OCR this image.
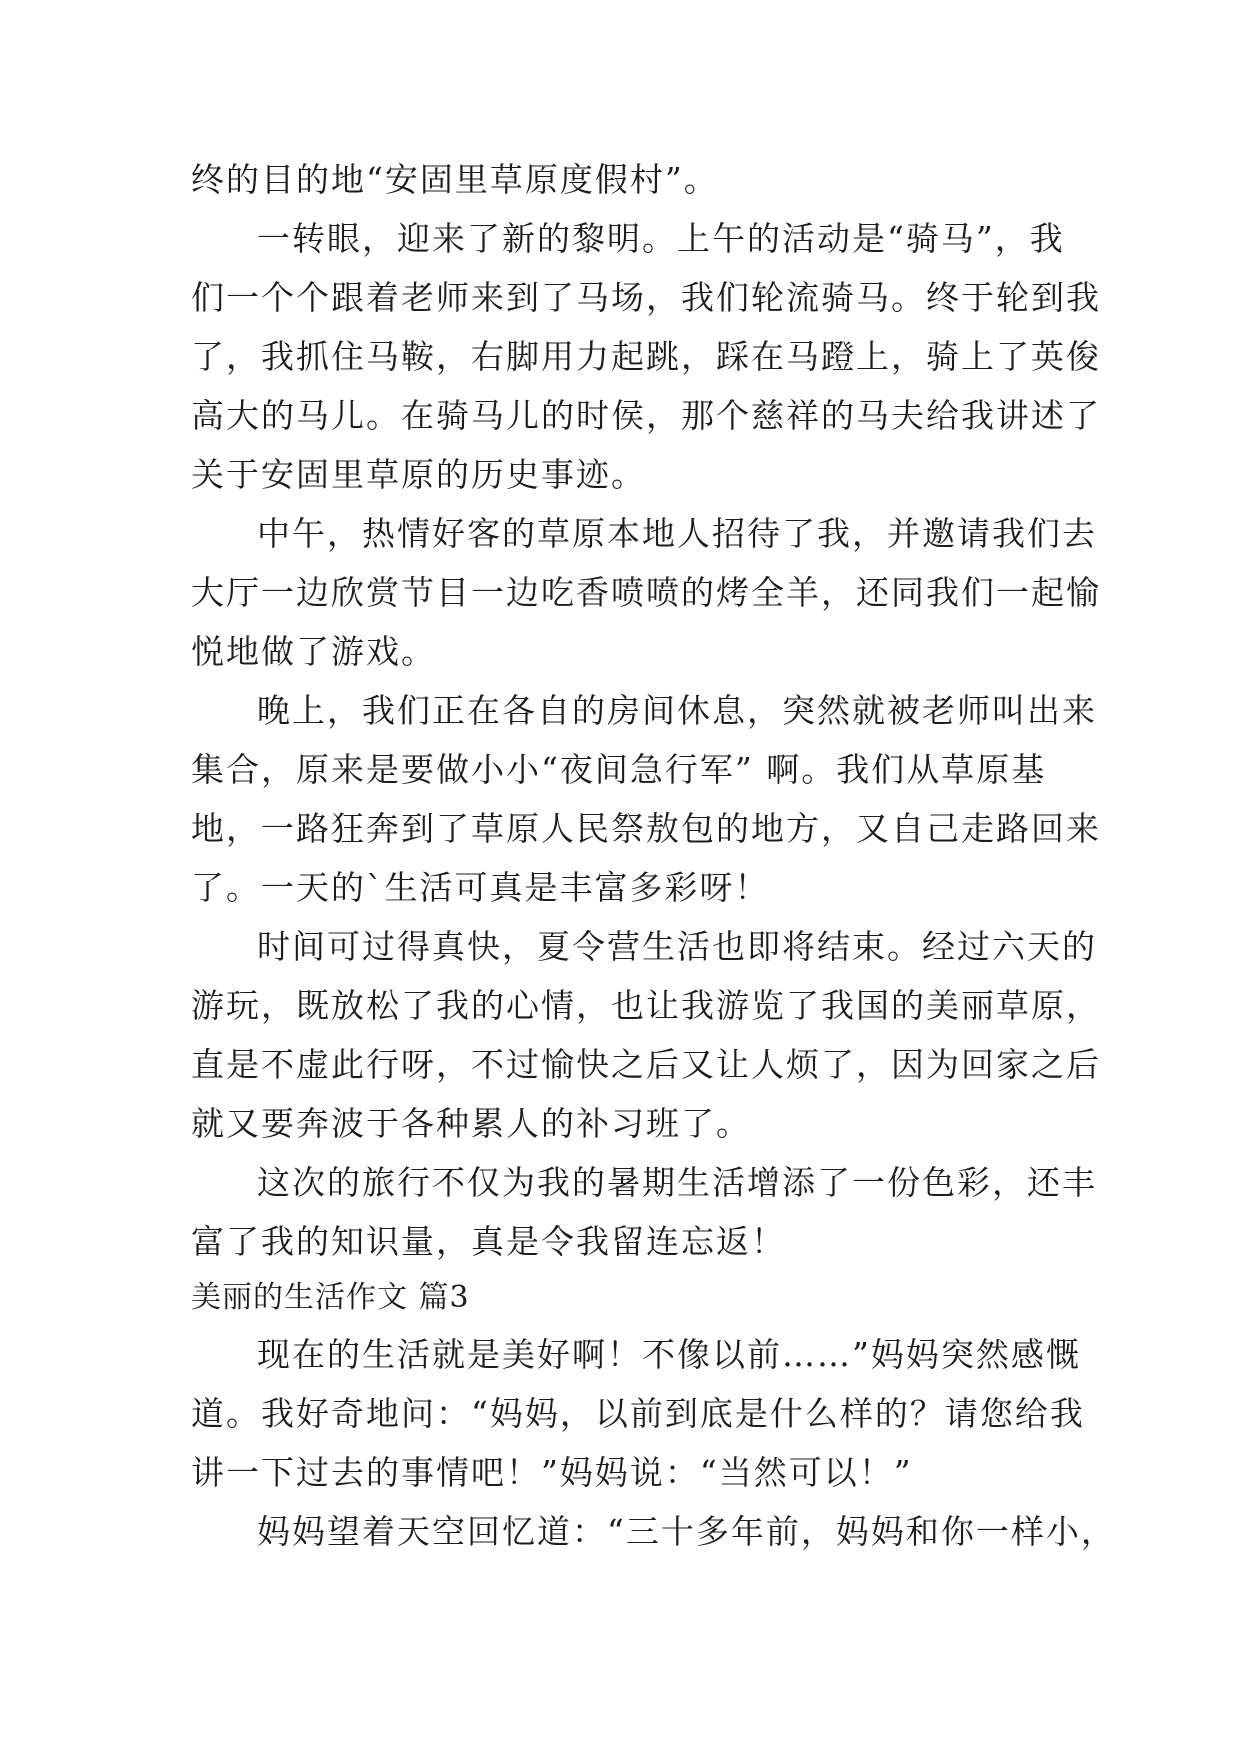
终的目的地“安固里草原度假村”。
一转眼，迎来了新的黎明。上午的活动是“骑马”，我
们一个个跟着老师来到了马场，我们轮流骑马。终于轮到我
了，我抓住马鞍，右脚用力起跳，踩在马蹬上，骑上了英俊
高大的马儿。在骑马儿的时侯，那个慈祥的马夫给我讲述了
关于安固里草原的历史事迹。
中午，热情好客的草原本地人招待了我，并邀请我们去
大厅一边欣赏节目一边吃香喷喷的烤全羊，还同我们一起愉
悦地做了游戏。
晚上，我们正在各自的房间休息，突然就被老师叫出来
集合，原来是要做小小“夜间急行军” 啊。我们从草原基
地，一路狂奔到了草原人民祭敖包的地方，又自己走路回来
了。一天的`生活可真是丰富多彩呀！
时间可过得真快，夏令营生活也即将结束。经过六天的
游玩，既放松了我的心情，也让我游览了我国的美丽草原，
直是不虚此行呀，不过愉快之后又让人烦了，因为回家之后
就又要奔波于各种累人的补习班了。
这次的旅行不仅为我的暑期生活增添了一份色彩，还丰
富了我的知识量，真是令我留连忘返！
美丽的生活作文 篇3
现在的生活就是美好啊！不像以前……”妈妈突然感慨
道。我好奇地问：“妈妈，以前到底是什么样的？请您给我
讲一下过去的事情吧！”妈妈说：“当然可以！”
妈妈望着天空回忆道：“三十多年前，妈妈和你一样小，
